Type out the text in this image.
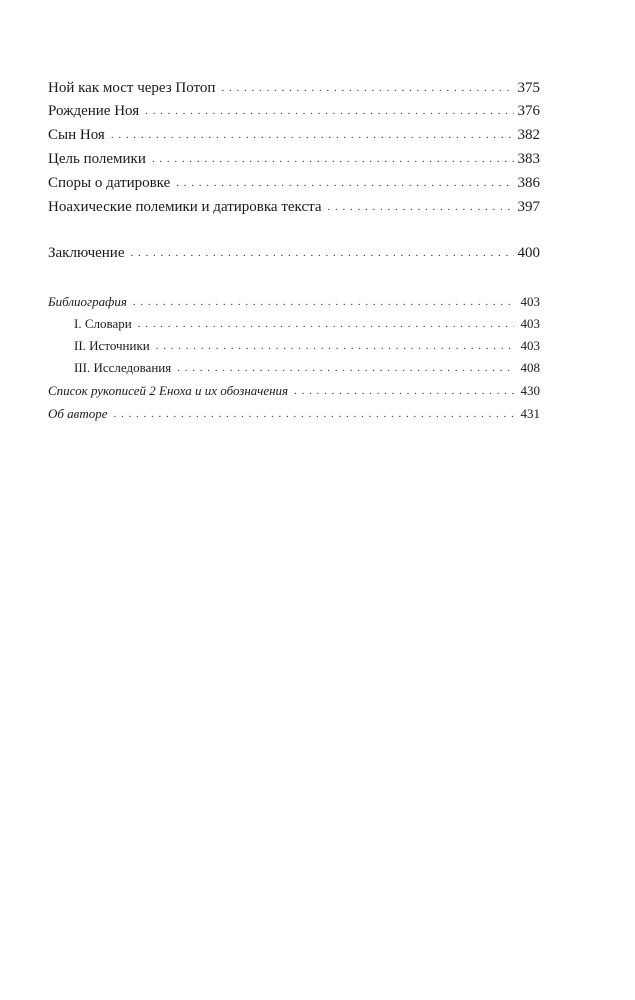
Ной как мост через Потоп . . .	375
Рождение Ноя . . .	376
Сын Ноя . . .	382
Цель полемики . . .	383
Споры о датировке . . .	386
Ноахические полемики и датировка текста . . .	397
Заключение . . .	400
Библиография . . .	403
I. Словари . . .	403
II. Источники . . .	403
III. Исследования . . .	408
Список рукописей 2 Еноха и их обозначения . . .	430
Об авторе . . .	431
